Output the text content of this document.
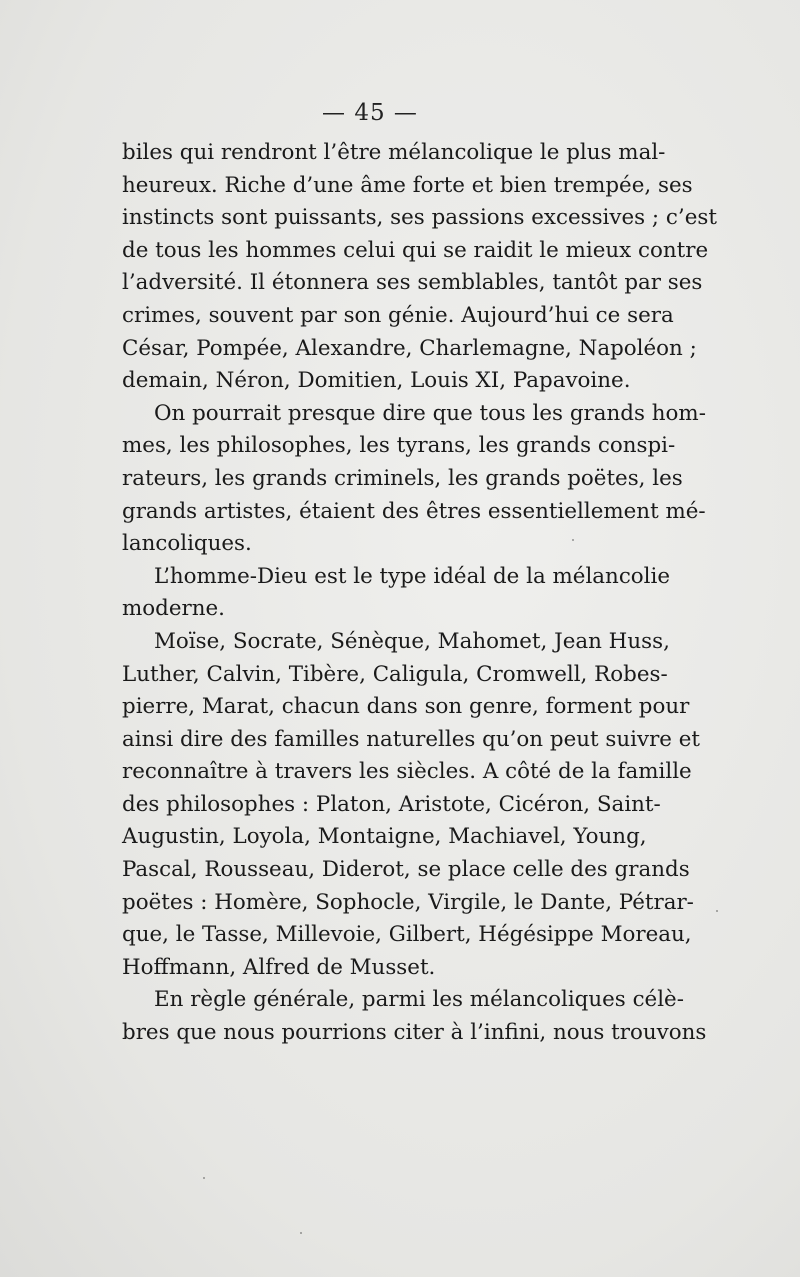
— 45 —

biles qui rendront l’être mélancolique le plus mal-
heureux. Riche d’une âme forte et bien trempée, ses
instincts sont puissants, ses passions excessives ; c’est
de tous les hommes celui qui se raidit le mieux contre
l’adversité. Il étonnera ses semblables, tantôt par ses
crimes, souvent par son génie. Aujourd’hui ce sera
César, Pompée, Alexandre, Charlemagne, Napoléon ;
demain, Néron, Domitien, Louis XI, Papavoine.

On pourrait presque dire que tous les grands hom-
mes, les philosophes, les tyrans, les grands conspi-
rateurs, les grands criminels, les grands poëtes, les
grands artistes, étaient des êtres essentiellement mé-
lancoliques.

L’homme-Dieu est le type idéal de la mélancolie
moderne.

Moïse, Socrate, Sénèque, Mahomet, Jean Huss,
Luther, Calvin, Tibère, Caligula, Cromwell, Robes-
pierre, Marat, chacun dans son genre, forment pour
ainsi dire des familles naturelles qu’on peut suivre et
reconnaître à travers les siècles. A côté de la famille
des philosophes : Platon, Aristote, Cicéron, Saint-
Augustin, Loyola, Montaigne, Machiavel, Young,
Pascal, Rousseau, Diderot, se place celle des grands
poëtes : Homère, Sophocle, Virgile, le Dante, Pétrar-
que, le Tasse, Millevoie, Gilbert, Hégésippe Moreau,
Hoffmann, Alfred de Musset.

En règle générale, parmi les mélancoliques célè-
bres que nous pourrions citer à l’infini, nous trouvons
